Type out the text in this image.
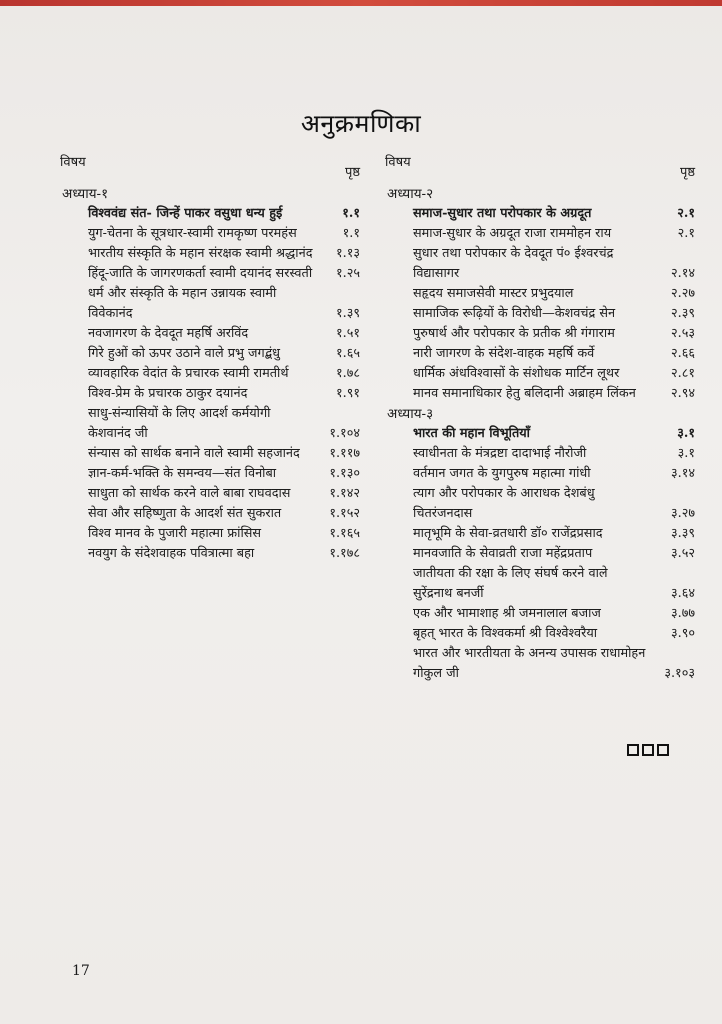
अनुक्रमणिका
विषय
पृष्ठ
अध्याय-१
विश्ववंद्य संत- जिन्हें पाकर वसुधा धन्य हुई	१.१
युग-चेतना के सूत्रधार-स्वामी रामकृष्ण परमहंस	१.१
भारतीय संस्कृति के महान संरक्षक स्वामी श्रद्धानंद १.१३
हिंदू-जाति के जागरणकर्ता स्वामी दयानंद सरस्वती १.२५
धर्म और संस्कृति के महान उन्नायक स्वामी विवेकानंद	१.३९
नवजागरण के देवदूत महर्षि अरविंद	१.५१
गिरे हुओं को ऊपर उठाने वाले प्रभु जगद्बंधु	१.६५
व्यावहारिक वेदांत के प्रचारक स्वामी रामतीर्थ	१.७८
विश्व-प्रेम के प्रचारक ठाकुर दयानंद	१.९१
साधु-संन्यासियों के लिए आदर्श कर्मयोगी केशवानंद जी	१.१०४
संन्यास को सार्थक बनाने वाले स्वामी सहजानंद १.११७
ज्ञान-कर्म-भक्ति के समन्वय—संत विनोबा	१.१३०
साधुता को सार्थक करने वाले बाबा राघवदास	१.१४२
सेवा और सहिष्णुता के आदर्श संत सुकरात	१.१५२
विश्व मानव के पुजारी महात्मा फ्रांसिस	१.१६५
नवयुग के संदेशवाहक पवित्रात्मा बहा	१.१७८
विषय
पृष्ठ
अध्याय-२
समाज-सुधार तथा परोपकार के अग्रदूत	२.१
समाज-सुधार के अग्रदूत राजा राममोहन राय	२.१
सुधार तथा परोपकार के देवदूत पं० ईश्वरचंद्र विद्यासागर	२.१४
सहृदय समाजसेवी मास्टर प्रभुदयाल	२.२७
सामाजिक रूढ़ियों के विरोधी—केशवचंद्र सेन	२.३९
पुरुषार्थ और परोपकार के प्रतीक श्री गंगाराम	२.५३
नारी जागरण के संदेश-वाहक महर्षि कर्वे	२.६६
धार्मिक अंधविश्वासों के संशोधक मार्टिन लूथर	२.८१
मानव समानाधिकार हेतु बलिदानी अब्राहम लिंकन	२.९४
अध्याय-३
भारत की महान विभूतियाँ	३.१
स्वाधीनता के मंत्रद्रष्टा दादाभाई नौरोजी	३.१
वर्तमान जगत के युगपुरुष महात्मा गांधी	३.१४
त्याग और परोपकार के आराधक देशबंधु चितरंजनदास	३.२७
मातृभूमि के सेवा-व्रतधारी डॉ० राजेंद्रप्रसाद	३.३९
मानवजाति के सेवाव्रती राजा महेंद्रप्रताप	३.५२
जातीयता की रक्षा के लिए संघर्ष करने वाले सुरेंद्रनाथ बनर्जी	३.६४
एक और भामाशाह श्री जमनालाल बजाज	३.७७
बृहत् भारत के विश्वकर्मा श्री विश्वेश्वरैया	३.९०
भारत और भारतीयता के अनन्य उपासक राधामोहन गोकुल जी	३.१०३
17
